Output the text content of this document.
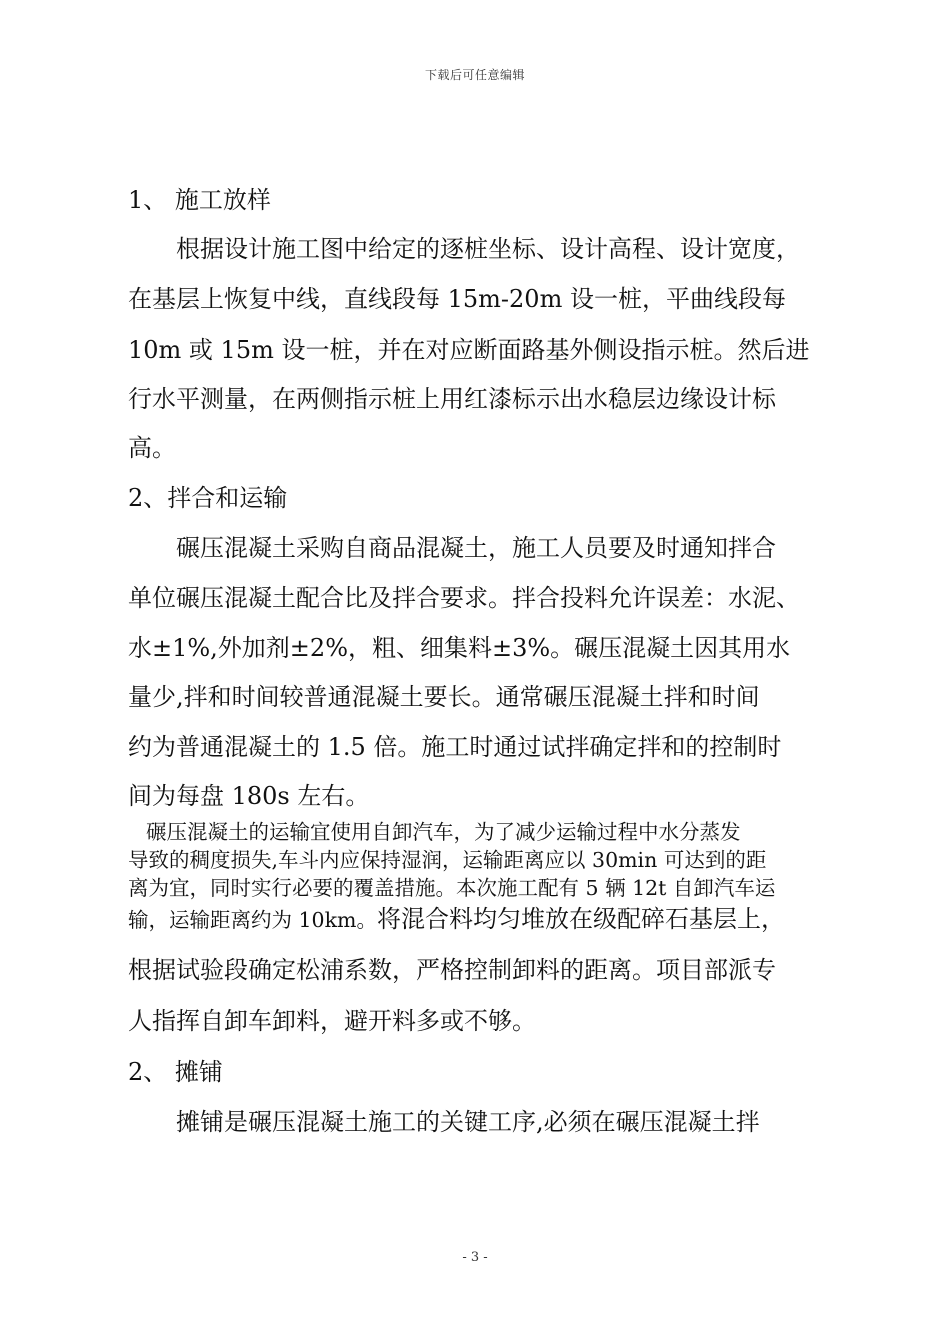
下载后可任意编辑
1、 施工放样
根据设计施工图中给定的逐桩坐标、设计高程、设计宽度，
在基层上恢复中线，直线段每 15m-20m 设一桩，平曲线段每
10m 或 15m 设一桩，并在对应断面路基外侧设指示桩。然后进
行水平测量，在两侧指示桩上用红漆标示出水稳层边缘设计标
高。
2、拌合和运输
碾压混凝土采购自商品混凝土，施工人员要及时通知拌合
单位碾压混凝土配合比及拌合要求。拌合投料允许误差：水泥、
水±1%,外加剂±2%，粗、细集料±3%。碾压混凝土因其用水
量少,拌和时间较普通混凝土要长。通常碾压混凝土拌和时间
约为普通混凝土的 1.5 倍。施工时通过试拌确定拌和的控制时
间为每盘 180s 左右。
碾压混凝土的运输宜使用自卸汽车，为了减少运输过程中水分蒸发
导致的稠度损失,车斗内应保持湿润，运输距离应以 30min 可达到的距
离为宜，同时实行必要的覆盖措施。本次施工配有 5 辆 12t 自卸汽车运
输，运输距离约为 10km。将混合料均匀堆放在级配碎石基层上，
根据试验段确定松浦系数，严格控制卸料的距离。项目部派专
人指挥自卸车卸料，避开料多或不够。
2、 摊铺
摊铺是碾压混凝土施工的关键工序,必须在碾压混凝土拌
- 3 -
